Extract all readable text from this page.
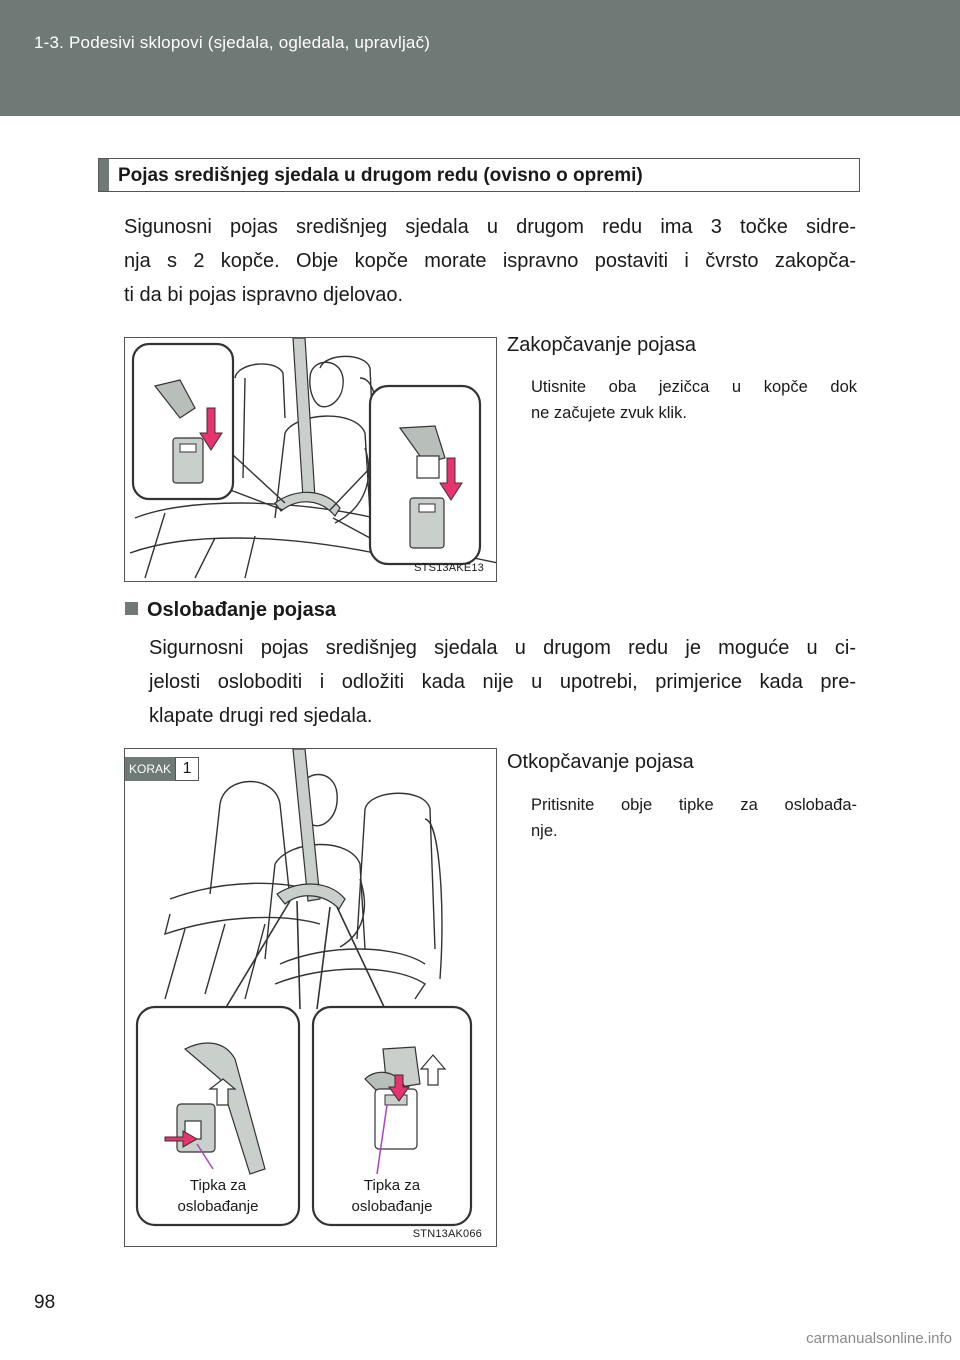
1-3. Podesivi sklopovi (sjedala, ogledala, upravljač)
Pojas središnjeg sjedala u drugom redu (ovisno o opremi)
Sigunosni pojas središnjeg sjedala u drugom redu ima 3 točke sidre-
nja s 2 kopče. Obje kopče morate ispravno postaviti i čvrsto zakopča-
ti da bi pojas ispravno djelovao.
STS13AKE13
Zakopčavanje pojasa
Utisnite oba jezičca u kopče dok
ne začujete zvuk klik.
Oslobađanje pojasa
Sigurnosni pojas središnjeg sjedala u drugom redu je moguće u ci-
jelosti osloboditi i odložiti kada nije u upotrebi, primjerice kada pre-
klapate drugi red sjedala.
KORAK 1
Tipka za
oslobađanje
Tipka za
oslobađanje
STN13AK066
Otkopčavanje pojasa
Pritisnite obje tipke za oslobađa-
nje.
98
carmanualsonline.info
